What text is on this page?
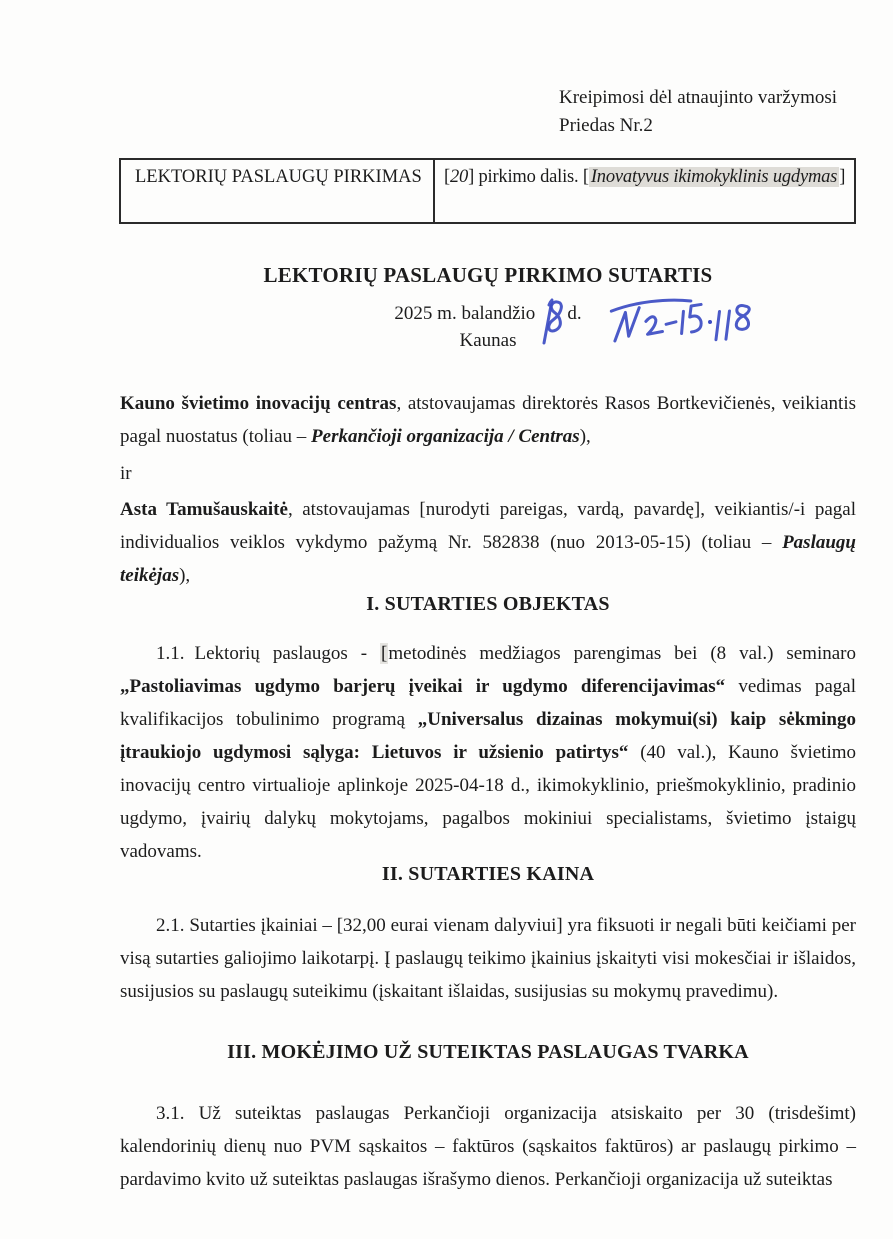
Kreipimosi dėl atnaujinto varžymosi
Priedas Nr.2
LEKTORIŲ PASLAUGŲ PIRKIMAS	[20] pirkimo dalis. [ Inovatyvus ikimokyklinis ugdymas ]
LEKTORIŲ PASLAUGŲ PIRKIMO SUTARTIS
2025 m. balandžio d.
Kaunas
Kauno švietimo inovacijų centras, atstovaujamas direktorės Rasos Bortkevičienės, veikiantis pagal nuostatus (toliau – Perkančioji organizacija / Centras),
ir
Asta Tamušauskaitė, atstovaujamas [nurodyti pareigas, vardą, pavardę], veikiantis/-i pagal individualios veiklos vykdymo pažymą Nr. 582838 (nuo 2013-05-15) (toliau – Paslaugų teikėjas),
I. SUTARTIES OBJEKTAS
1.1. Lektorių paslaugos - [metodinės medžiagos parengimas bei (8 val.) seminaro „Pastoliavimas ugdymo barjerų įveikai ir ugdymo diferencijavimas“ vedimas pagal kvalifikacijos tobulinimo programą „Universalus dizainas mokymui(si) kaip sėkmingo įtraukiojo ugdymosi sąlyga: Lietuvos ir užsienio patirtys“ (40 val.), Kauno švietimo inovacijų centro virtualioje aplinkoje 2025-04-18 d., ikimokyklinio, priešmokyklinio, pradinio ugdymo, įvairių dalykų mokytojams, pagalbos mokiniui specialistams, švietimo įstaigų vadovams.
II. SUTARTIES KAINA
2.1. Sutarties įkainiai – [32,00 eurai vienam dalyviui] yra fiksuoti ir negali būti keičiami per visą sutarties galiojimo laikotarpį. Į paslaugų teikimo įkainius įskaityti visi mokesčiai ir išlaidos, susijusios su paslaugų suteikimu (įskaitant išlaidas, susijusias su mokymų pravedimu).
III. MOKĖJIMO UŽ SUTEIKTAS PASLAUGAS TVARKA
3.1. Už suteiktas paslaugas Perkančioji organizacija atsiskaito per 30 (trisdešimt) kalendorinių dienų nuo PVM sąskaitos – faktūros (sąskaitos faktūros) ar paslaugų pirkimo – pardavimo kvito už suteiktas paslaugas išrašymo dienos. Perkančioji organizacija už suteiktas
